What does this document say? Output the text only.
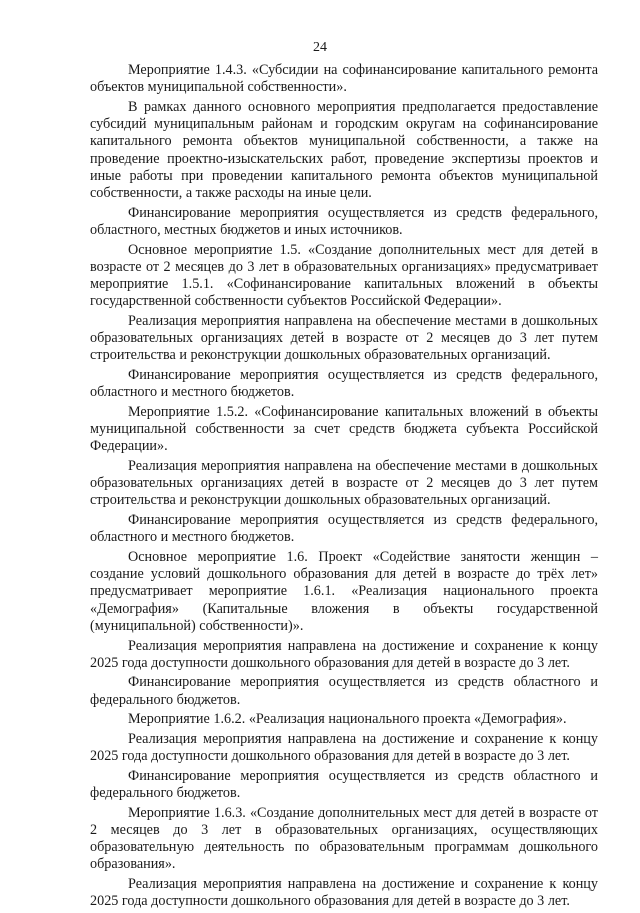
24

Мероприятие 1.4.3. «Субсидии на софинансирование капитального ремонта объектов муниципальной собственности».

В рамках данного основного мероприятия предполагается предоставление субсидий муниципальным районам и городским округам на софинансирование капитального ремонта объектов муниципальной собственности, а также на проведение проектно-изыскательских работ, проведение экспертизы проектов и иные работы при проведении капитального ремонта объектов муниципальной собственности, а также расходы на иные цели.

Финансирование мероприятия осуществляется из средств федерального, областного, местных бюджетов и иных источников.

Основное мероприятие 1.5. «Создание дополнительных мест для детей в возрасте от 2 месяцев до 3 лет в образовательных организациях» предусматривает мероприятие 1.5.1. «Софинансирование капитальных вложений в объекты государственной собственности субъектов Российской Федерации».

Реализация мероприятия направлена на обеспечение местами в дошкольных образовательных организациях детей в возрасте от 2 месяцев до 3 лет путем строительства и реконструкции дошкольных образовательных организаций.

Финансирование мероприятия осуществляется из средств федерального, областного и местного бюджетов.

Мероприятие 1.5.2. «Софинансирование капитальных вложений в объекты муниципальной собственности за счет средств бюджета субъекта Российской Федерации».

Реализация мероприятия направлена на обеспечение местами в дошкольных образовательных организациях детей в возрасте от 2 месяцев до 3 лет путем строительства и реконструкции дошкольных образовательных организаций.

Финансирование мероприятия осуществляется из средств федерального, областного и местного бюджетов.

Основное мероприятие 1.6. Проект «Содействие занятости женщин – создание условий дошкольного образования для детей в возрасте до трёх лет» предусматривает мероприятие 1.6.1. «Реализация национального проекта «Демография» (Капитальные вложения в объекты государственной (муниципальной) собственности)».

Реализация мероприятия направлена на достижение и сохранение к концу 2025 года доступности дошкольного образования для детей в возрасте до 3 лет.

Финансирование мероприятия осуществляется из средств областного и федерального бюджетов.

Мероприятие 1.6.2. «Реализация национального проекта «Демография».

Реализация мероприятия направлена на достижение и сохранение к концу 2025 года доступности дошкольного образования для детей в возрасте до 3 лет.

Финансирование мероприятия осуществляется из средств областного и федерального бюджетов.

Мероприятие 1.6.3. «Создание дополнительных мест для детей в возрасте от 2 месяцев до 3 лет в образовательных организациях, осуществляющих образовательную деятельность по образовательным программам дошкольного образования».

Реализация мероприятия направлена на достижение и сохранение к концу 2025 года доступности дошкольного образования для детей в возрасте до 3 лет.
